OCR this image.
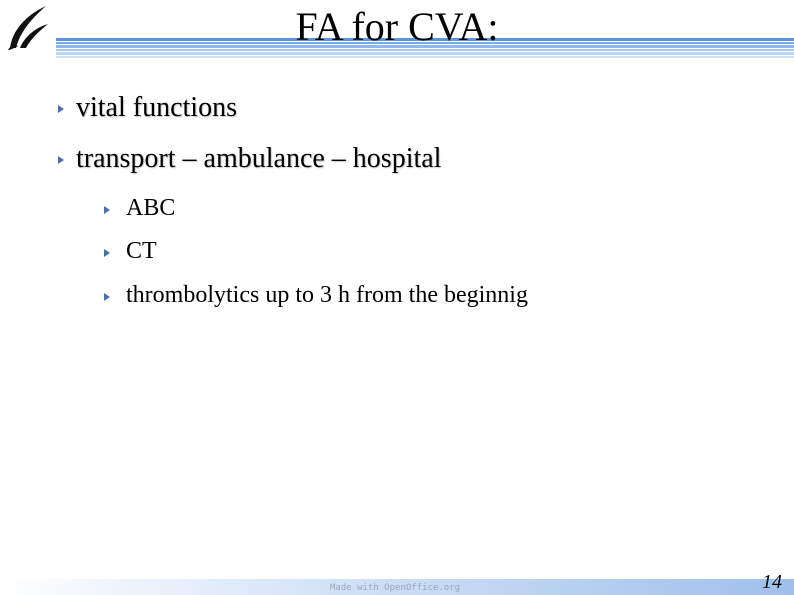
FA for CVA:
vital functions
transport – ambulance – hospital
ABC
CT
thrombolytics up to 3 h from the beginnig
Made with OpenOffice.org	14
